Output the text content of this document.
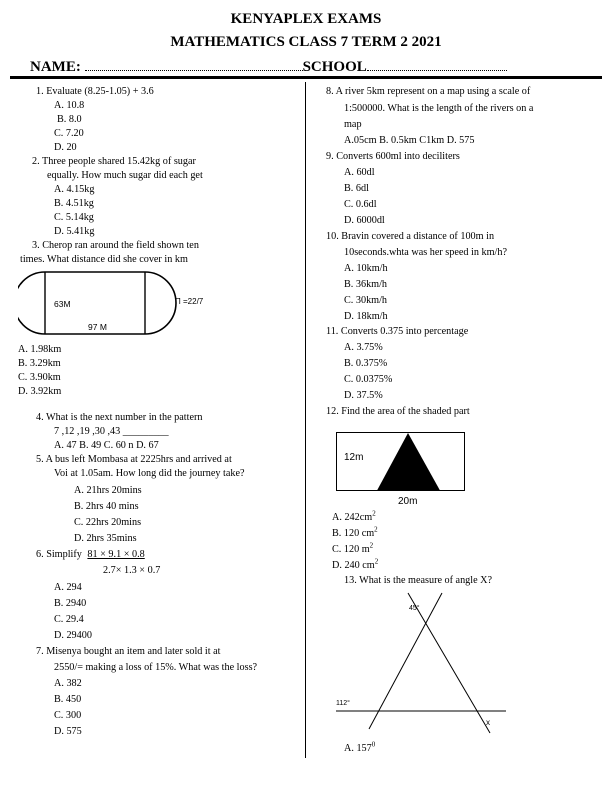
KENYAPLEX EXAMS
MATHEMATICS CLASS 7 TERM 2 2021
NAME:	SCHOOL
1. Evaluate (8.25-1.05) + 3.6
A. 10.8
B. 8.0
C. 7.20
D. 20
2. Three people shared 15.42kg of sugar
equally. How much sugar did each get
A. 4.15kg
B. 4.51kg
C. 5.14kg
D. 5.41kg
3. Cherop ran around the field shown ten
times. What distance did she cover in km
63M
97 M
Π =22/7
A. 1.98km
B. 3.29km
C. 3.90km
D. 3.92km
4. What is the next number in the pattern
7 ,12 ,19 ,30 ,43 _________
A. 47 B. 49 C. 60 n D. 67
5. A bus left Mombasa at 2225hrs and arrived at
Voi at 1.05am. How long did the journey take?
A. 21hrs 20mins
B. 2hrs 40 mins
C. 22hrs 20mins
D. 2hrs 35mins
6. Simplify 81 × 9.1 × 0.8
2.7× 1.3 × 0.7
A. 294
B. 2940
C. 29.4
D. 29400
7. Misenya bought an item and later sold it at
2550/= making a loss of 15%. What was the loss?
A. 382
B. 450
C. 300
D. 575
8. A river 5km represent on a map using a scale of
1:500000. What is the length of the rivers on a
map
A.05cm B. 0.5km C1km D. 575
9. Converts 600ml into deciliters
A. 60dl
B. 6dl
C. 0.6dl
D. 6000dl
10. Bravin covered a distance of 100m in
10seconds.whta was her speed in km/h?
A. 10km/h
B. 36km/h
C. 30km/h
D. 18km/h
11. Converts 0.375 into percentage
A. 3.75%
B. 0.375%
C. 0.0375%
D. 37.5%
12. Find the area of the shaded part
12m
20m
A. $242cm^2$
B. 120 $cm^2$
C. 120 $m^2$
D. 240 $cm^2$
13. What is the measure of angle X?
45°
112°
x
A. $157^0$
